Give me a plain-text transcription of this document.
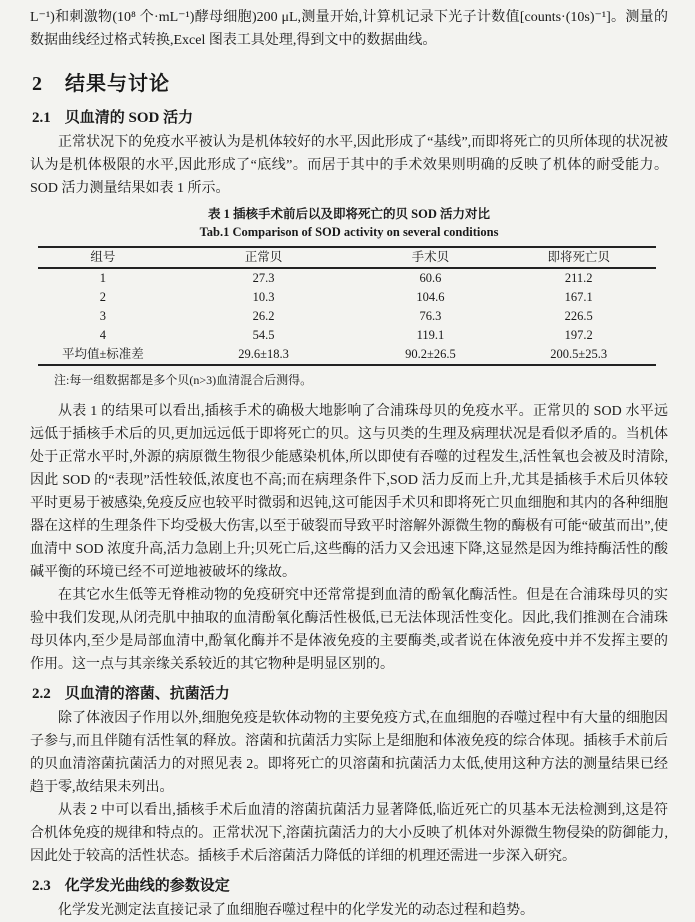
L⁻¹)和刺激物(10⁸ 个·mL⁻¹)酵母细胞)200 μL,测量开始,计算机记录下光子计数值[counts·(10s)⁻¹]。测量的数据曲线经过格式转换,Excel 图表工具处理,得到文中的数据曲线。

2 结果与讨论
2.1 贝血清的 SOD 活力

正常状况下的免疫水平被认为是机体较好的水平,因此形成了“基线”,而即将死亡的贝所体现的状况被认为是机体极限的水平,因此形成了“底线”。而居于其中的手术效果则明确的反映了机体的耐受能力。SOD 活力测量结果如表 1 所示。

表 1 插核手术前后以及即将死亡的贝 SOD 活力对比
Tab.1 Comparison of SOD activity on several conditions
组号	正常贝	手术贝	即将死亡贝
1	27.3	60.6	211.2
2	10.3	104.6	167.1
3	26.2	76.3	226.5
4	54.5	119.1	197.2
平均值±标准差	29.6±18.3	90.2±26.5	200.5±25.3
注:每一组数据都是多个贝(n>3)血清混合后测得。

从表 1 的结果可以看出,插核手术的确极大地影响了合浦珠母贝的免疫水平。正常贝的 SOD 水平远远低于插核手术后的贝,更加远远低于即将死亡的贝。这与贝类的生理及病理状况是看似矛盾的。当机体处于正常水平时,外源的病原微生物很少能感染机体,所以即使有吞噬的过程发生,活性氧也会被及时清除,因此 SOD 的“表现”活性较低,浓度也不高;而在病理条件下,SOD 活力反而上升,尤其是插核手术后贝体较平时更易于被感染,免疫反应也较平时微弱和迟钝,这可能因手术贝和即将死亡贝血细胞和其内的各种细胞器在这样的生理条件下均受极大伤害,以至于破裂而导致平时溶解外源微生物的酶极有可能“破茧而出”,使血清中 SOD 浓度升高,活力急剧上升;贝死亡后,这些酶的活力又会迅速下降,这显然是因为维持酶活性的酸碱平衡的环境已经不可逆地被破坏的缘故。

在其它水生低等无脊椎动物的免疫研究中还常常提到血清的酚氧化酶活性。但是在合浦珠母贝的实验中我们发现,从闭壳肌中抽取的血清酚氧化酶活性极低,已无法体现活性变化。因此,我们推测在合浦珠母贝体内,至少是局部血清中,酚氧化酶并不是体液免疫的主要酶类,或者说在体液免疫中并不发挥主要的作用。这一点与其亲缘关系较近的其它物种是明显区别的。

2.2 贝血清的溶菌、抗菌活力

除了体液因子作用以外,细胞免疫是软体动物的主要免疫方式,在血细胞的吞噬过程中有大量的细胞因子参与,而且伴随有活性氧的释放。溶菌和抗菌活力实际上是细胞和体液免疫的综合体现。插核手术前后的贝血清溶菌抗菌活力的对照见表 2。即将死亡的贝溶菌和抗菌活力太低,使用这种方法的测量结果已经趋于零,故结果未列出。

从表 2 中可以看出,插核手术后血清的溶菌抗菌活力显著降低,临近死亡的贝基本无法检测到,这是符合机体免疫的规律和特点的。正常状况下,溶菌抗菌活力的大小反映了机体对外源微生物侵染的防御能力,因此处于较高的活性状态。插核手术后溶菌活力降低的详细的机理还需进一步深入研究。

2.3 化学发光曲线的参数设定

化学发光测定法直接记录了血细胞吞噬过程中的化学发光的动态过程和趋势。
